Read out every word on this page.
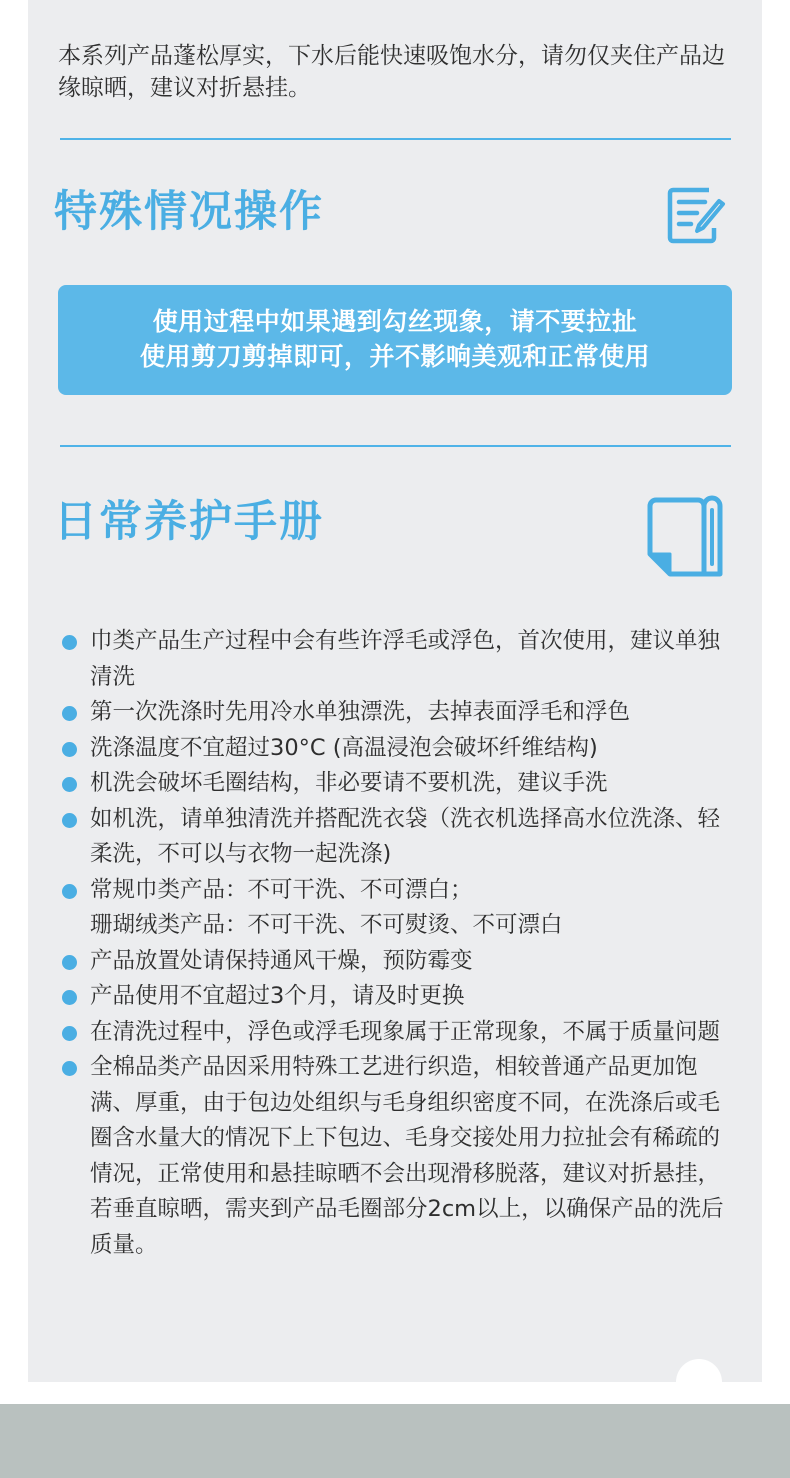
本系列产品蓬松厚实，下水后能快速吸饱水分，请勿仅夹住产品边缘晾晒，建议对折悬挂。

特殊情况操作
使用过程中如果遇到勾丝现象，请不要拉扯
使用剪刀剪掉即可，并不影响美观和正常使用
日常养护手册
巾类产品生产过程中会有些许浮毛或浮色，首次使用，建议单独清洗
第一次洗涤时先用冷水单独漂洗，去掉表面浮毛和浮色
洗涤温度不宜超过30°C (高温浸泡会破坏纤维结构)
机洗会破坏毛圈结构，非必要请不要机洗，建议手洗
如机洗，请单独清洗并搭配洗衣袋（洗衣机选择高水位洗涤、轻柔洗，不可以与衣物一起洗涤)
常规巾类产品：不可干洗、不可漂白；
珊瑚绒类产品：不可干洗、不可熨烫、不可漂白
产品放置处请保持通风干燥，预防霉变
产品使用不宜超过3个月，请及时更换
在清洗过程中，浮色或浮毛现象属于正常现象，不属于质量问题
全棉品类产品因采用特殊工艺进行织造，相较普通产品更加饱满、厚重，由于包边处组织与毛身组织密度不同，在洗涤后或毛圈含水量大的情况下上下包边、毛身交接处用力拉扯会有稀疏的情况，正常使用和悬挂晾晒不会出现滑移脱落，建议对折悬挂，若垂直晾晒，需夹到产品毛圈部分2cm以上，以确保产品的洗后质量。
